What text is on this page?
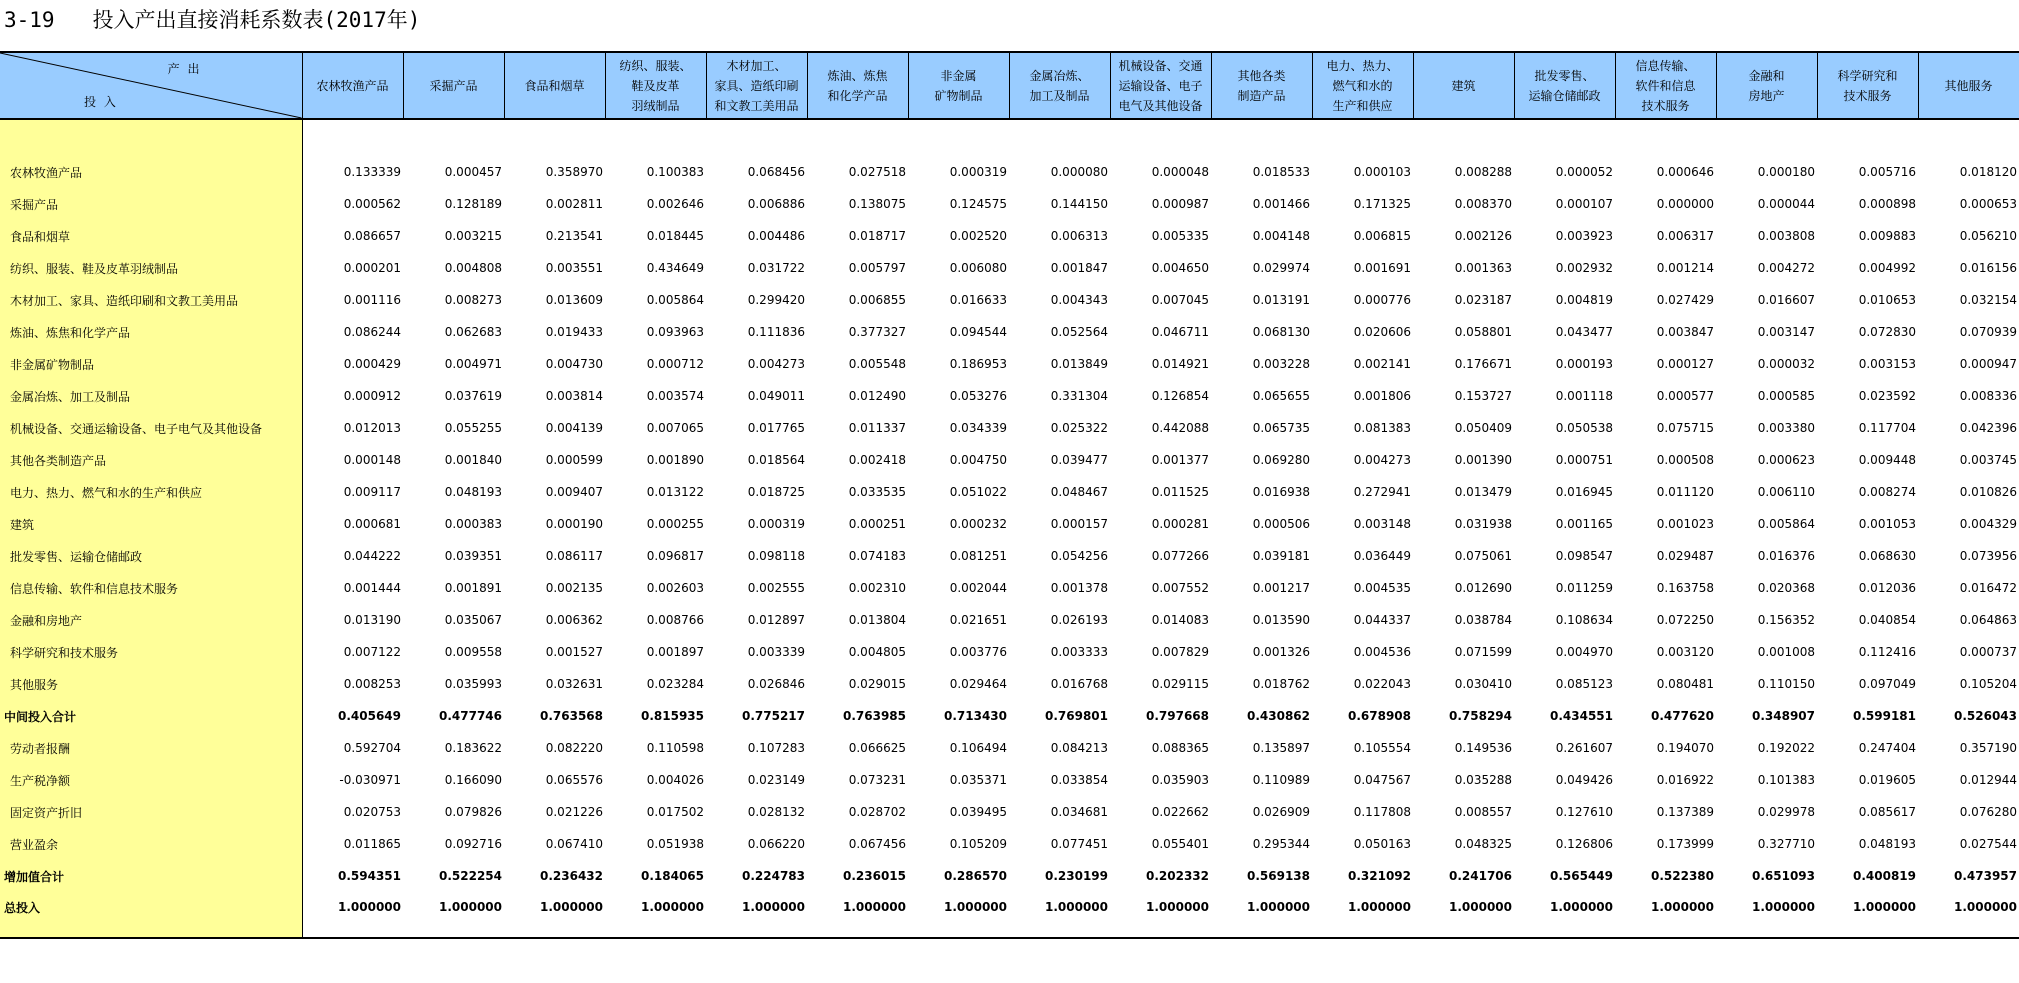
3-19   投入产出直接消耗系数表(2017年)
产 出
投 入	农林牧渔产品	采掘产品	食品和烟草	纺织、服装、
鞋及皮革
羽绒制品	木材加工、
家具、造纸印刷
和文教工美用品	炼油、炼焦
和化学产品	非金属
矿物制品	金属冶炼、
加工及制品	机械设备、交通
运输设备、电子
电气及其他设备	其他各类
制造产品	电力、热力、
燃气和水的
生产和供应	建筑	批发零售、
运输仓储邮政	信息传输、
软件和信息
技术服务	金融和
房地产	科学研究和
技术服务	其他服务

农林牧渔产品	0.133339	0.000457	0.358970	0.100383	0.068456	0.027518	0.000319	0.000080	0.000048	0.018533	0.000103	0.008288	0.000052	0.000646	0.000180	0.005716	0.018120
采掘产品	0.000562	0.128189	0.002811	0.002646	0.006886	0.138075	0.124575	0.144150	0.000987	0.001466	0.171325	0.008370	0.000107	0.000000	0.000044	0.000898	0.000653
食品和烟草	0.086657	0.003215	0.213541	0.018445	0.004486	0.018717	0.002520	0.006313	0.005335	0.004148	0.006815	0.002126	0.003923	0.006317	0.003808	0.009883	0.056210
纺织、服装、鞋及皮革羽绒制品	0.000201	0.004808	0.003551	0.434649	0.031722	0.005797	0.006080	0.001847	0.004650	0.029974	0.001691	0.001363	0.002932	0.001214	0.004272	0.004992	0.016156
木材加工、家具、造纸印刷和文教工美用品	0.001116	0.008273	0.013609	0.005864	0.299420	0.006855	0.016633	0.004343	0.007045	0.013191	0.000776	0.023187	0.004819	0.027429	0.016607	0.010653	0.032154
炼油、炼焦和化学产品	0.086244	0.062683	0.019433	0.093963	0.111836	0.377327	0.094544	0.052564	0.046711	0.068130	0.020606	0.058801	0.043477	0.003847	0.003147	0.072830	0.070939
非金属矿物制品	0.000429	0.004971	0.004730	0.000712	0.004273	0.005548	0.186953	0.013849	0.014921	0.003228	0.002141	0.176671	0.000193	0.000127	0.000032	0.003153	0.000947
金属冶炼、加工及制品	0.000912	0.037619	0.003814	0.003574	0.049011	0.012490	0.053276	0.331304	0.126854	0.065655	0.001806	0.153727	0.001118	0.000577	0.000585	0.023592	0.008336
机械设备、交通运输设备、电子电气及其他设备	0.012013	0.055255	0.004139	0.007065	0.017765	0.011337	0.034339	0.025322	0.442088	0.065735	0.081383	0.050409	0.050538	0.075715	0.003380	0.117704	0.042396
其他各类制造产品	0.000148	0.001840	0.000599	0.001890	0.018564	0.002418	0.004750	0.039477	0.001377	0.069280	0.004273	0.001390	0.000751	0.000508	0.000623	0.009448	0.003745
电力、热力、燃气和水的生产和供应	0.009117	0.048193	0.009407	0.013122	0.018725	0.033535	0.051022	0.048467	0.011525	0.016938	0.272941	0.013479	0.016945	0.011120	0.006110	0.008274	0.010826
建筑	0.000681	0.000383	0.000190	0.000255	0.000319	0.000251	0.000232	0.000157	0.000281	0.000506	0.003148	0.031938	0.001165	0.001023	0.005864	0.001053	0.004329
批发零售、运输仓储邮政	0.044222	0.039351	0.086117	0.096817	0.098118	0.074183	0.081251	0.054256	0.077266	0.039181	0.036449	0.075061	0.098547	0.029487	0.016376	0.068630	0.073956
信息传输、软件和信息技术服务	0.001444	0.001891	0.002135	0.002603	0.002555	0.002310	0.002044	0.001378	0.007552	0.001217	0.004535	0.012690	0.011259	0.163758	0.020368	0.012036	0.016472
金融和房地产	0.013190	0.035067	0.006362	0.008766	0.012897	0.013804	0.021651	0.026193	0.014083	0.013590	0.044337	0.038784	0.108634	0.072250	0.156352	0.040854	0.064863
科学研究和技术服务	0.007122	0.009558	0.001527	0.001897	0.003339	0.004805	0.003776	0.003333	0.007829	0.001326	0.004536	0.071599	0.004970	0.003120	0.001008	0.112416	0.000737
其他服务	0.008253	0.035993	0.032631	0.023284	0.026846	0.029015	0.029464	0.016768	0.029115	0.018762	0.022043	0.030410	0.085123	0.080481	0.110150	0.097049	0.105204
中间投入合计	0.405649	0.477746	0.763568	0.815935	0.775217	0.763985	0.713430	0.769801	0.797668	0.430862	0.678908	0.758294	0.434551	0.477620	0.348907	0.599181	0.526043
劳动者报酬	0.592704	0.183622	0.082220	0.110598	0.107283	0.066625	0.106494	0.084213	0.088365	0.135897	0.105554	0.149536	0.261607	0.194070	0.192022	0.247404	0.357190
生产税净额	-0.030971	0.166090	0.065576	0.004026	0.023149	0.073231	0.035371	0.033854	0.035903	0.110989	0.047567	0.035288	0.049426	0.016922	0.101383	0.019605	0.012944
固定资产折旧	0.020753	0.079826	0.021226	0.017502	0.028132	0.028702	0.039495	0.034681	0.022662	0.026909	0.117808	0.008557	0.127610	0.137389	0.029978	0.085617	0.076280
营业盈余	0.011865	0.092716	0.067410	0.051938	0.066220	0.067456	0.105209	0.077451	0.055401	0.295344	0.050163	0.048325	0.126806	0.173999	0.327710	0.048193	0.027544
增加值合计	0.594351	0.522254	0.236432	0.184065	0.224783	0.236015	0.286570	0.230199	0.202332	0.569138	0.321092	0.241706	0.565449	0.522380	0.651093	0.400819	0.473957
总投入	1.000000	1.000000	1.000000	1.000000	1.000000	1.000000	1.000000	1.000000	1.000000	1.000000	1.000000	1.000000	1.000000	1.000000	1.000000	1.000000	1.000000
